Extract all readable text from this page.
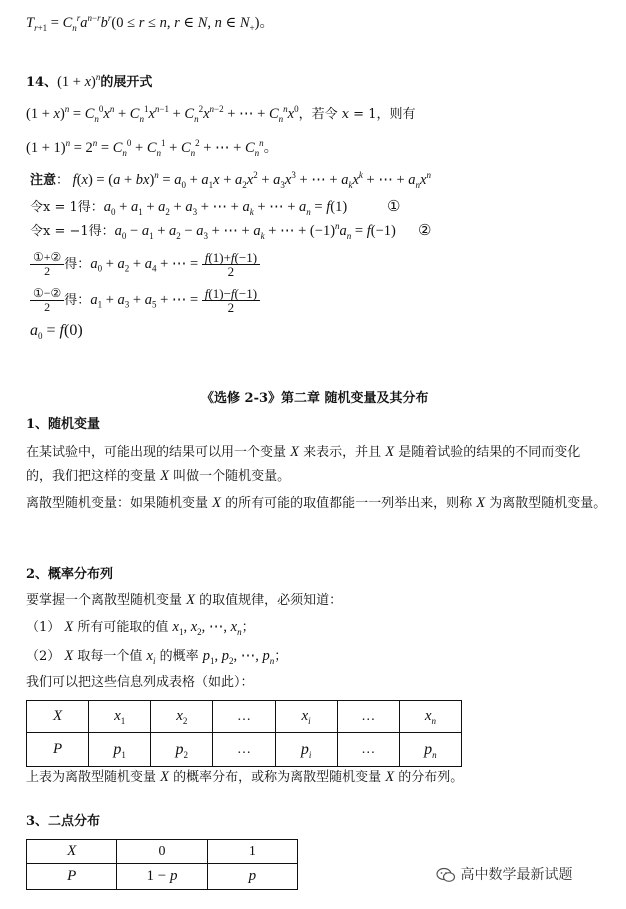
$T_{r+1} = C_n^ra^{n-r}b^r(0 \le r \le n$, r ∈ N, n ∈ $N_+$)。
14、$(1 + x)^n$的展开式
$(1 + x)^n = C_n^0x^n + C_n^1x^{n-1} + C_n^2x^{n-2}$ + ⋯ + $C_n^nx^0$，若令 x = 1，则有
$(1 + 1)^n = 2^n = C_n^0 + C_n^1 + C_n^2$ + ⋯ + $C_n^n$。
注意： $f(x) = (a + bx)^n = a_0 + a_1x + a_2x^2 + a_3x^3$ + ⋯ + $a_kx^k$ + ⋯ + $a_nx^n$
令x = 1得：$a_0 + a_1 + a_2 + a_3$ + ⋯ + $a_k$ + ⋯ + $a_n = f(1)$	①
令x = −1得：$a_0 - a_1 + a_2 - a_3$ + ⋯ + $a_k$ + ⋯ + $(-1)^na_n = f(-1)$ ②
$\frac{\text{①+②}}{2}$ 得：$a_0 + a_2 + a_4$ + ⋯ = $\frac{f(1)+f(-1)}{2}$
$\frac{\text{①−②}}{2}$ 得：$a_1 + a_3 + a_5$ + ⋯ = $\frac{f(1)-f(-1)}{2}$
$a_0 = f(0)$
《选修 2-3》第二章 随机变量及其分布
1、随机变量
在某试验中，可能出现的结果可以用一个变量 X 来表示，并且 X 是随着试验的结果的不同而变化
的，我们把这样的变量 X 叫做一个随机变量。
离散型随机变量：如果随机变量 X 的所有可能的取值都能一一列举出来，则称 X 为离散型随机变量。
2、概率分布列
要掌握一个离散型随机变量 X 的取值规律，必须知道：
（1） X 所有可能取的值 $x_1$, $x_2$, ⋯, $x_n$；
（2） X 取每一个值 $x_i$ 的概率 $p_1$, $p_2$, ⋯, $p_n$；
我们可以把这些信息列成表格（如此）：
X	$x_1$	$x_2$	…	$x_i$	…	$x_n$
P	$p_1$	$p_2$	…	$p_i$	…	$p_n$
上表为离散型随机变量 X 的概率分布，或称为离散型随机变量 X 的分布列。
3、二点分布
X	0	1
P	1 − p	p	高中数学最新试题
